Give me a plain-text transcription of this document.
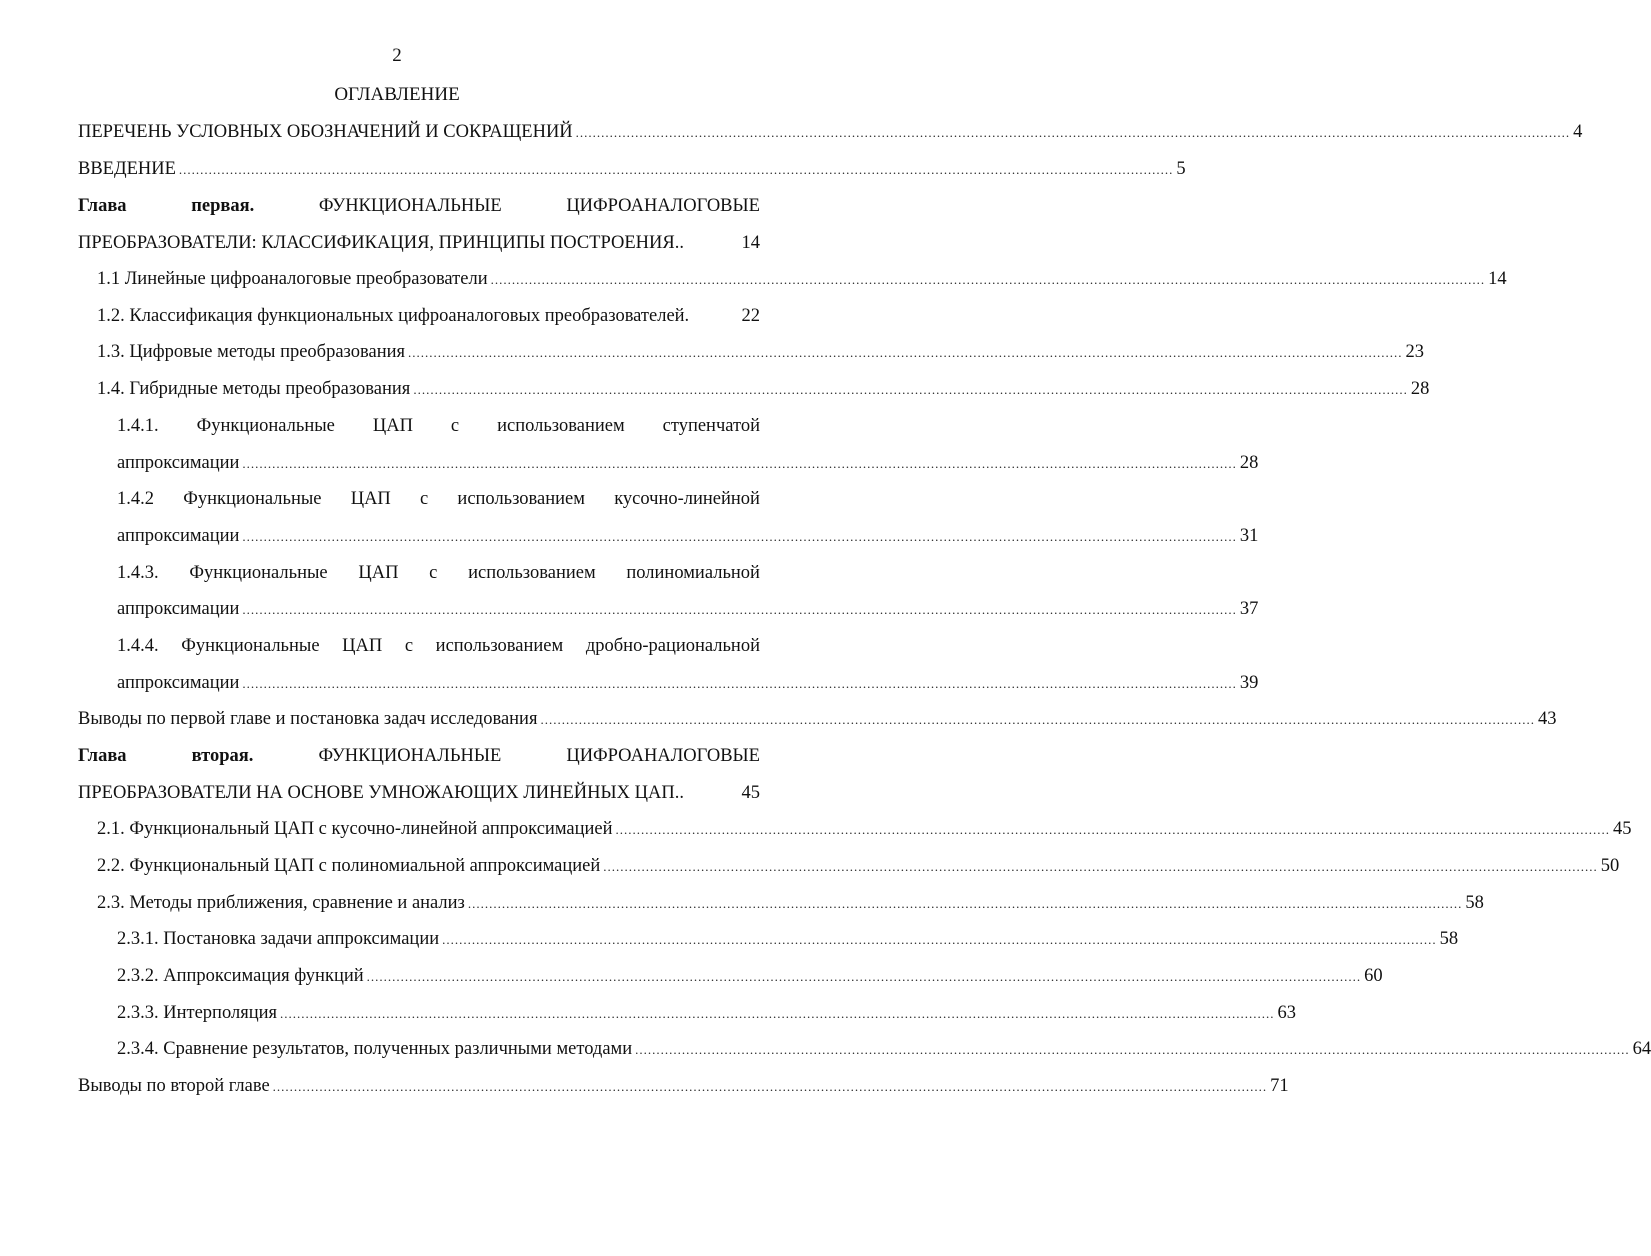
2
ОГЛАВЛЕНИЕ
ПЕРЕЧЕНЬ УСЛОВНЫХ ОБОЗНАЧЕНИЙ И СОКРАЩЕНИЙ .......................................................................................................................................................................................................................................... 4
ВВЕДЕНИЕ .......................................................................................................................................................................................................................................... 5
Глава	первая.	ФУНКЦИОНАЛЬНЫЕ	ЦИФРОАНАЛОГОВЫЕ
ПРЕОБРАЗОВАТЕЛИ: КЛАССИФИКАЦИЯ, ПРИНЦИПЫ ПОСТРОЕНИЯ..	14
1.1 Линейные цифроаналоговые преобразователи .......................................................................................................................................................................................................................................... 14
1.2. Классификация функциональных цифроаналоговых преобразователей.	22
1.3. Цифровые методы преобразования .......................................................................................................................................................................................................................................... 23
1.4. Гибридные методы преобразования .......................................................................................................................................................................................................................................... 28
1.4.1. Функциональные ЦАП с использованием ступенчатой
аппроксимации .......................................................................................................................................................................................................................................... 28
1.4.2 Функциональные ЦАП с использованием кусочно-линейной
аппроксимации .......................................................................................................................................................................................................................................... 31
1.4.3. Функциональные ЦАП с использованием полиномиальной
аппроксимации .......................................................................................................................................................................................................................................... 37
1.4.4. Функциональные ЦАП с использованием дробно-рациональной
аппроксимации .......................................................................................................................................................................................................................................... 39
Выводы по первой главе и постановка задач исследования .......................................................................................................................................................................................................................................... 43
Глава	вторая.	ФУНКЦИОНАЛЬНЫЕ	ЦИФРОАНАЛОГОВЫЕ
ПРЕОБРАЗОВАТЕЛИ НА ОСНОВЕ УМНОЖАЮЩИХ ЛИНЕЙНЫХ ЦАП..	45
2.1. Функциональный ЦАП с кусочно-линейной аппроксимацией .......................................................................................................................................................................................................................................... 45
2.2. Функциональный ЦАП с полиномиальной аппроксимацией .......................................................................................................................................................................................................................................... 50
2.3. Методы приближения, сравнение и анализ .......................................................................................................................................................................................................................................... 58
2.3.1. Постановка задачи аппроксимации .......................................................................................................................................................................................................................................... 58
2.3.2. Аппроксимация функций .......................................................................................................................................................................................................................................... 60
2.3.3. Интерполяция .......................................................................................................................................................................................................................................... 63
2.3.4. Сравнение результатов, полученных различными методами .......................................................................................................................................................................................................................................... 64
Выводы по второй главе .......................................................................................................................................................................................................................................... 71
